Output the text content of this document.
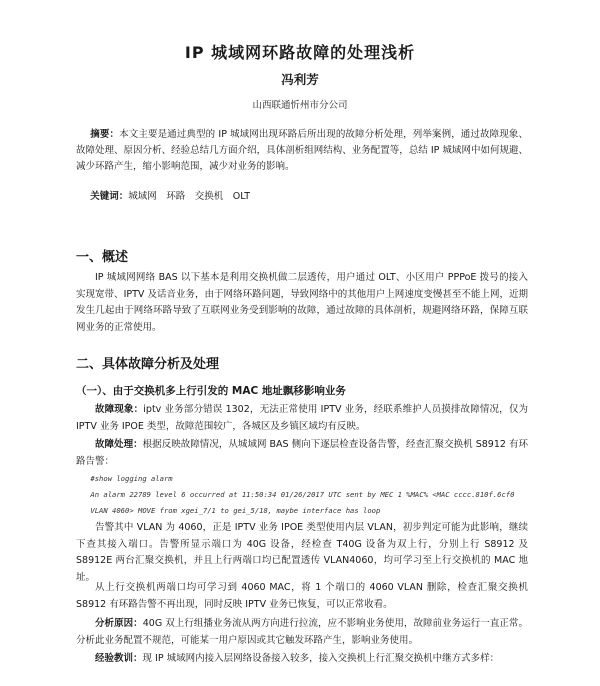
IP 城域网环路故障的处理浅析
冯利芳
山西联通忻州市分公司
摘要：本文主要是通过典型的 IP 城域网出现环路后所出现的故障分析处理，列举案例，通过故障现象、故障处理、原因分析、经验总结几方面介绍，具体剖析组网结构、业务配置等，总结 IP 城域网中如何规避、减少环路产生，缩小影响范围，减少对业务的影响。
关键词：城域网　环路　交换机　OLT
一、概述
IP 城域网网络 BAS 以下基本是利用交换机做二层透传，用户通过 OLT、小区用户 PPPoE 拨号的接入实现宽带、IPTV 及话音业务，由于网络环路问题，导致网络中的其他用户上网速度变慢甚至不能上网，近期发生几起由于网络环路导致了互联网业务受到影响的故障，通过故障的具体剖析，规避网络环路，保障互联网业务的正常使用。
二、具体故障分析及处理
（一）、由于交换机多上行引发的 MAC 地址飘移影响业务
故障现象：iptv 业务部分错误 1302，无法正常使用 IPTV 业务，经联系维护人员摸排故障情况，仅为 IPTV 业务 IPOE 类型，故障范围较广，各城区及乡镇区域均有反映。
故障处理：根据反映故障情况，从城域网 BAS 侧向下逐层检查设备告警，经查汇聚交换机 S8912 有环路告警：
#show logging alarm
An alarm 22789 level 6 occurred at 11:50:34 01/26/2017 UTC sent by MEC 1 %MAC% <MAC cccc.810f.6cf0 VLAN 4060> MOVE from xgei_7/1 to gei_5/18, maybe interface has loop
告警其中 VLAN 为 4060，正是 IPTV 业务 IPOE 类型使用内层 VLAN，初步判定可能为此影响，继续下查其接入端口。告警所显示端口为 40G 设备，经检查 T40G 设备为双上行，分别上行 S8912 及 S8912E 两台汇聚交换机，并且上行两端口均已配置透传 VLAN4060，均可学习至上行交换机的 MAC 地址。
从上行交换机两端口均可学习到 4060 MAC，将 1 个端口的 4060 VLAN 删除，检查汇聚交换机 S8912 有环路告警不再出现，同时反映 IPTV 业务已恢复，可以正常收看。
分析原因：40G 双上行组播业务流从两方向进行拉流，应不影响业务使用，故障前业务运行一直正常。分析此业务配置不规范，可能某一用户原因或其它触发环路产生，影响业务使用。
经验教训：现 IP 城域网内接入层网络设备接入较多，接入交换机上行汇聚交换机中继方式多样：
